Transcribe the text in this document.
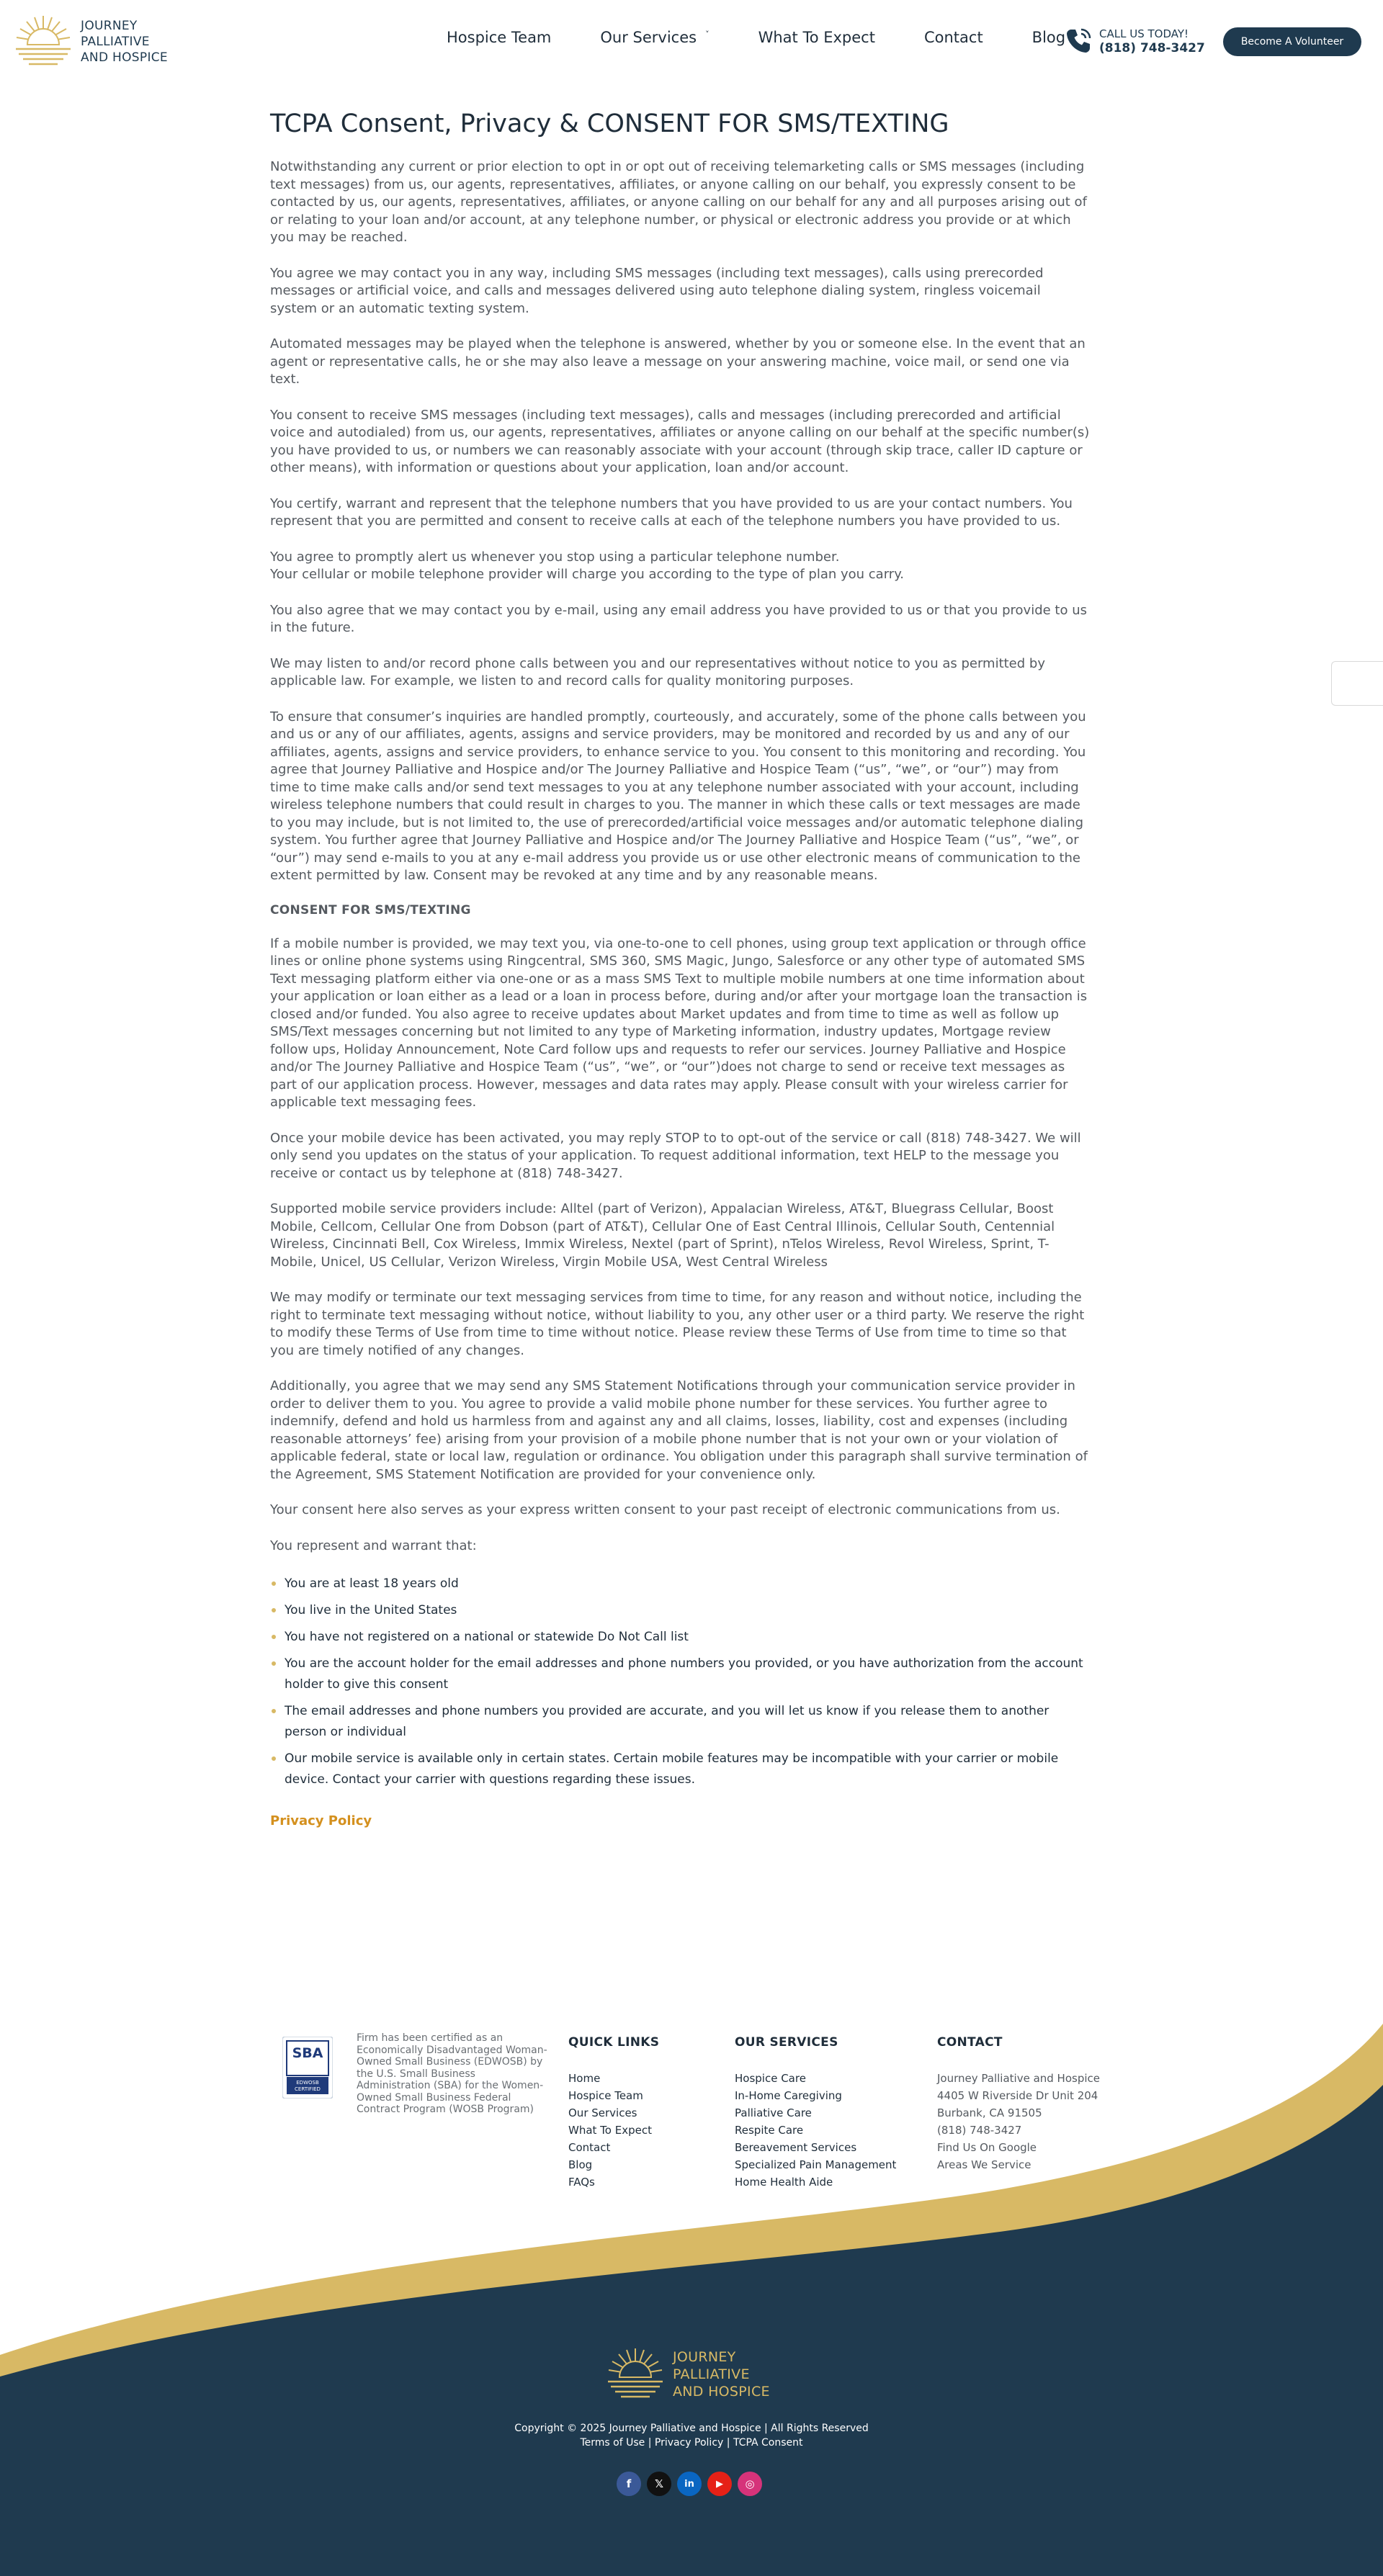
JOURNEY
PALLIATIVE
AND HOSPICE
Hospice Team	Our Services ˅	What To Expect	Contact	Blog	CALL US TODAY!
(818) 748-3427	Become A Volunteer
TCPA Consent, Privacy & CONSENT FOR SMS/TEXTING

Notwithstanding any current or prior election to opt in or opt out of receiving telemarketing calls or SMS messages (including text messages) from us, our agents, representatives, affiliates, or anyone calling on our behalf, you expressly consent to be contacted by us, our agents, representatives, affiliates, or anyone calling on our behalf for any and all purposes arising out of or relating to your loan and/or account, at any telephone number, or physical or electronic address you provide or at which you may be reached.

You agree we may contact you in any way, including SMS messages (including text messages), calls using prerecorded messages or artificial voice, and calls and messages delivered using auto telephone dialing system, ringless voicemail system or an automatic texting system.

Automated messages may be played when the telephone is answered, whether by you or someone else. In the event that an agent or representative calls, he or she may also leave a message on your answering machine, voice mail, or send one via text.

You consent to receive SMS messages (including text messages), calls and messages (including prerecorded and artificial voice and autodialed) from us, our agents, representatives, affiliates or anyone calling on our behalf at the specific number(s) you have provided to us, or numbers we can reasonably associate with your account (through skip trace, caller ID capture or other means), with information or questions about your application, loan and/or account.

You certify, warrant and represent that the telephone numbers that you have provided to us are your contact numbers. You represent that you are permitted and consent to receive calls at each of the telephone numbers you have provided to us.

You agree to promptly alert us whenever you stop using a particular telephone number.
Your cellular or mobile telephone provider will charge you according to the type of plan you carry.

You also agree that we may contact you by e-mail, using any email address you have provided to us or that you provide to us in the future.

We may listen to and/or record phone calls between you and our representatives without notice to you as permitted by applicable law. For example, we listen to and record calls for quality monitoring purposes.

To ensure that consumer’s inquiries are handled promptly, courteously, and accurately, some of the phone calls between you and us or any of our affiliates, agents, assigns and service providers, may be monitored and recorded by us and any of our affiliates, agents, assigns and service providers, to enhance service to you. You consent to this monitoring and recording. You agree that Journey Palliative and Hospice and/or The Journey Palliative and Hospice Team (“us”, “we”, or “our”) may from time to time make calls and/or send text messages to you at any telephone number associated with your account, including wireless telephone numbers that could result in charges to you. The manner in which these calls or text messages are made to you may include, but is not limited to, the use of prerecorded/artificial voice messages and/or automatic telephone dialing system. You further agree that Journey Palliative and Hospice and/or The Journey Palliative and Hospice Team (“us”, “we”, or “our”) may send e-mails to you at any e-mail address you provide us or use other electronic means of communication to the extent permitted by law. Consent may be revoked at any time and by any reasonable means.

CONSENT FOR SMS/TEXTING

If a mobile number is provided, we may text you, via one-to-one to cell phones, using group text application or through office lines or online phone systems using Ringcentral, SMS 360, SMS Magic, Jungo, Salesforce or any other type of automated SMS Text messaging platform either via one-one or as a mass SMS Text to multiple mobile numbers at one time information about your application or loan either as a lead or a loan in process before, during and/or after your mortgage loan the transaction is closed and/or funded. You also agree to receive updates about Market updates and from time to time as well as follow up SMS/Text messages concerning but not limited to any type of Marketing information, industry updates, Mortgage review follow ups, Holiday Announcement, Note Card follow ups and requests to refer our services. Journey Palliative and Hospice and/or The Journey Palliative and Hospice Team (“us”, “we”, or “our”)does not charge to send or receive text messages as part of our application process. However, messages and data rates may apply. Please consult with your wireless carrier for applicable text messaging fees.

Once your mobile device has been activated, you may reply STOP to to opt-out of the service or call (818) 748-3427. We will only send you updates on the status of your application. To request additional information, text HELP to the message you receive or contact us by telephone at (818) 748-3427.

Supported mobile service providers include: Alltel (part of Verizon), Appalacian Wireless, AT&T, Bluegrass Cellular, Boost Mobile, Cellcom, Cellular One from Dobson (part of AT&T), Cellular One of East Central Illinois, Cellular South, Centennial Wireless, Cincinnati Bell, Cox Wireless, Immix Wireless, Nextel (part of Sprint), nTelos Wireless, Revol Wireless, Sprint, T-Mobile, Unicel, US Cellular, Verizon Wireless, Virgin Mobile USA, West Central Wireless

We may modify or terminate our text messaging services from time to time, for any reason and without notice, including the right to terminate text messaging without notice, without liability to you, any other user or a third party. We reserve the right to modify these Terms of Use from time to time without notice. Please review these Terms of Use from time to time so that you are timely notified of any changes.

Additionally, you agree that we may send any SMS Statement Notifications through your communication service provider in order to deliver them to you. You agree to provide a valid mobile phone number for these services. You further agree to indemnify, defend and hold us harmless from and against any and all claims, losses, liability, cost and expenses (including reasonable attorneys’ fee) arising from your provision of a mobile phone number that is not your own or your violation of applicable federal, state or local law, regulation or ordinance. You obligation under this paragraph shall survive termination of the Agreement, SMS Statement Notification are provided for your convenience only.

Your consent here also serves as your express written consent to your past receipt of electronic communications from us.

You represent and warrant that:

You are at least 18 years old
You live in the United States
You have not registered on a national or statewide Do Not Call list
You are the account holder for the email addresses and phone numbers you provided, or you have authorization from the account holder to give this consent
The email addresses and phone numbers you provided are accurate, and you will let us know if you release them to another person or individual
Our mobile service is available only in certain states. Certain mobile features may be incompatible with your carrier or mobile device. Contact your carrier with questions regarding these issues.
Privacy Policy
SBA
EDWOSB CERTIFIED

Firm has been certified as an Economically Disadvantaged Woman-Owned Small Business (EDWOSB) by the U.S. Small Business Administration (SBA) for the Women-Owned Small Business Federal Contract Program (WOSB Program)

QUICK LINKS
Home
Hospice Team
Our Services
What To Expect
Contact
Blog
FAQs
OUR SERVICES
Hospice Care
In-Home Caregiving
Palliative Care
Respite Care
Bereavement Services
Specialized Pain Management
Home Health Aide
CONTACT
Journey Palliative and Hospice
4405 W Riverside Dr Unit 204
Burbank, CA 91505
(818) 748-3427
Find Us On Google
Areas We Service
JOURNEY
PALLIATIVE
AND HOSPICE
Copyright © 2025 Journey Palliative and Hospice | All Rights Reserved
Terms of Use | Privacy Policy | TCPA Consent
f	𝕏	in	▶	◎
